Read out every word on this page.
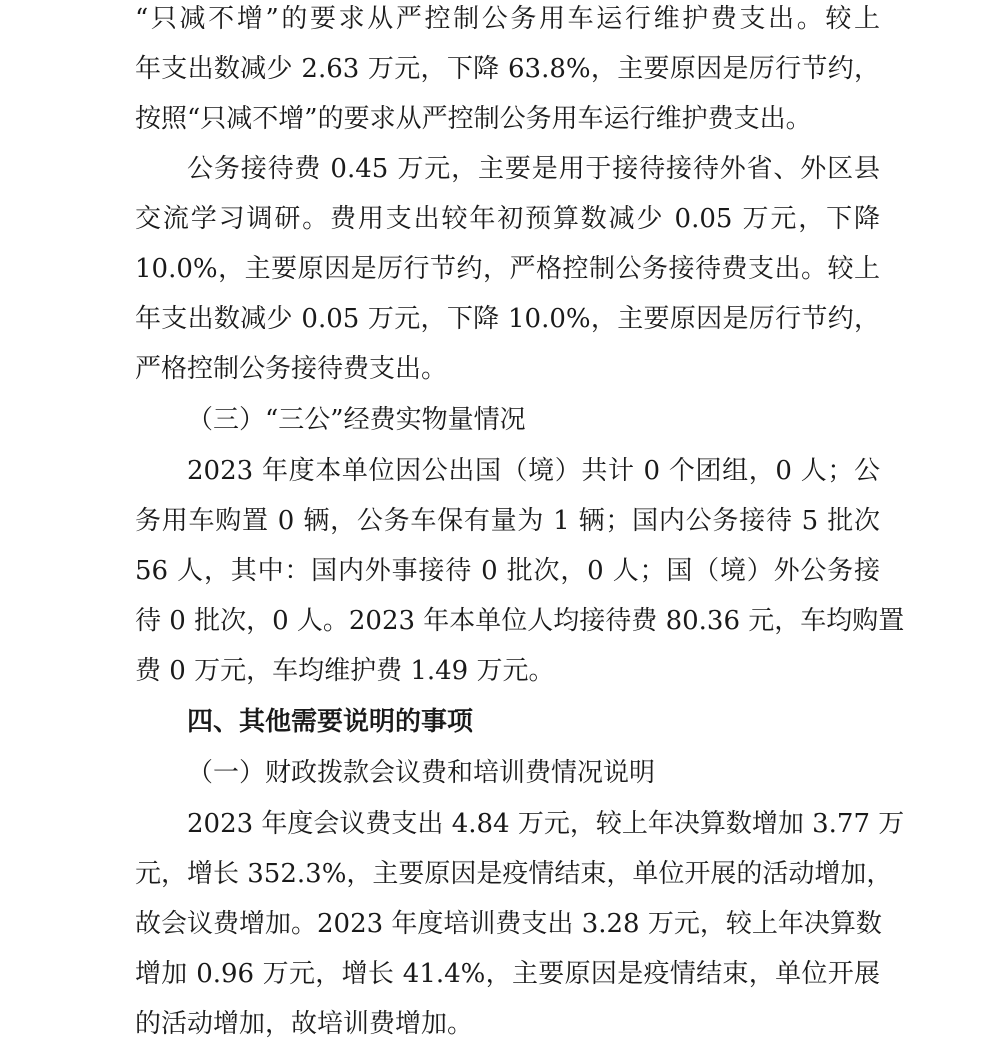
“只减不增”的要求从严控制公务用车运行维护费支出。较上
年支出数减少 2.63 万元，下降 63.8%，主要原因是厉行节约，
按照“只减不增”的要求从严控制公务用车运行维护费支出。
公务接待费 0.45 万元，主要是用于接待接待外省、外区县
交流学习调研。费用支出较年初预算数减少 0.05 万元，下降
10.0%，主要原因是厉行节约，严格控制公务接待费支出。较上
年支出数减少 0.05 万元，下降 10.0%，主要原因是厉行节约，
严格控制公务接待费支出。
（三）“三公”经费实物量情况
2023 年度本单位因公出国（境）共计 0 个团组，0 人；公
务用车购置 0 辆，公务车保有量为 1 辆；国内公务接待 5 批次
56 人，其中：国内外事接待 0 批次，0 人；国（境）外公务接
待 0 批次，0 人。2023 年本单位人均接待费 80.36 元，车均购置
费 0 万元，车均维护费 1.49 万元。
四、其他需要说明的事项
（一）财政拨款会议费和培训费情况说明
2023 年度会议费支出 4.84 万元，较上年决算数增加 3.77 万
元，增长 352.3%，主要原因是疫情结束，单位开展的活动增加，
故会议费增加。2023 年度培训费支出 3.28 万元，较上年决算数
增加 0.96 万元，增长 41.4%，主要原因是疫情结束，单位开展
的活动增加，故培训费增加。
